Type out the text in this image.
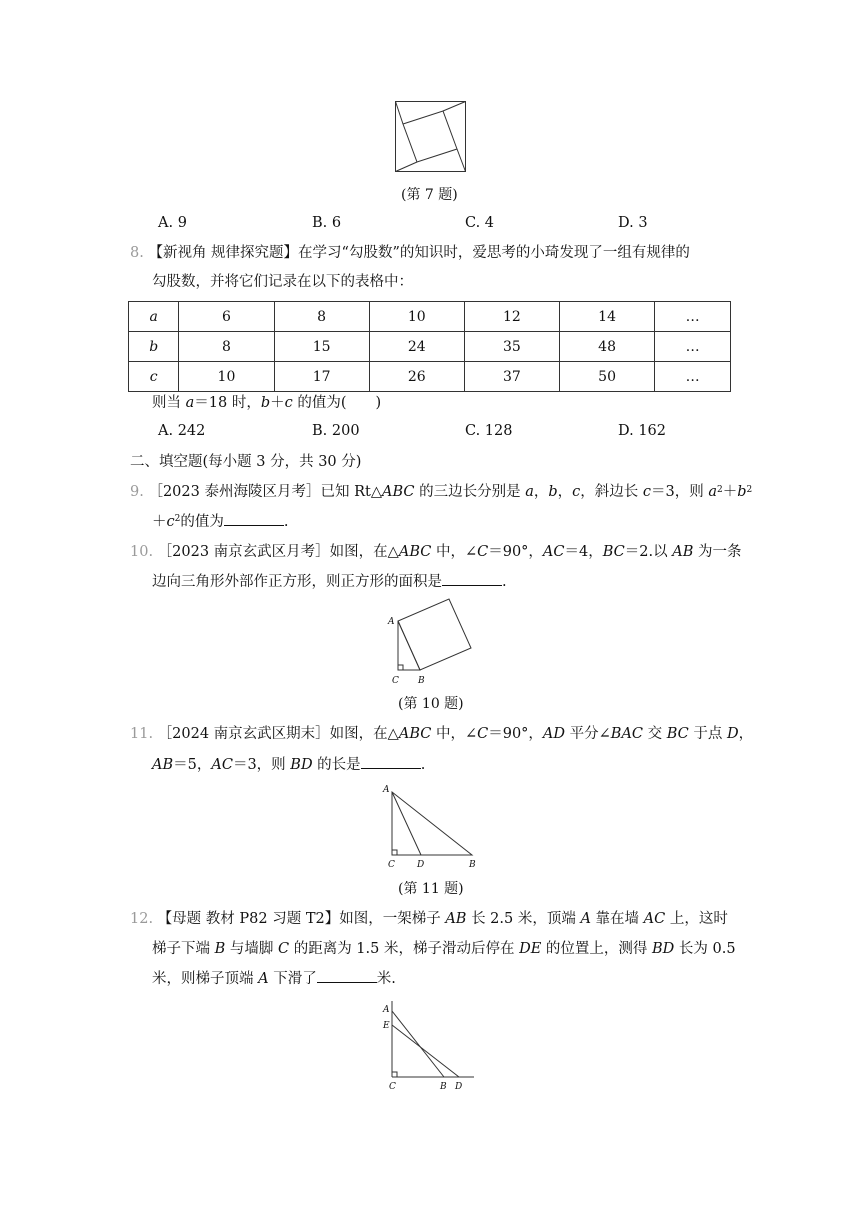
(第 7 题)
A. 9	B. 6	C. 4	D. 3
8. 【新视角 规律探究题】在学习“勾股数”的知识时，爱思考的小琦发现了一组有规律的
勾股数，并将它们记录在以下的表格中：
a	6	8	10	12	14	…
b	8	15	24	35	48	…
c	10	17	26	37	50	…
则当 a＝18 时，b＋c 的值为(　　)
A. 242	B. 200	C. 128	D. 162
二、填空题(每小题 3 分，共 30 分)
9. ［2023 泰州海陵区月考］已知 Rt△ABC 的三边长分别是 a，b，c，斜边长 c＝3，则 $a^2+b^2$
$+c^2$的值为	.
10. ［2023 南京玄武区月考］如图，在△ABC 中，∠C＝90°，AC＝4，BC＝2.以 AB 为一条
边向三角形外部作正方形，则正方形的面积是	.
A
C B
(第 10 题)
11. ［2024 南京玄武区期末］如图，在△ABC 中，∠C＝90°，AD 平分∠BAC 交 BC 于点 D，
AB＝5，AC＝3，则 BD 的长是	.
A
C D	B
(第 11 题)
12. 【母题 教材 P82 习题 T2】如图，一架梯子 AB 长 2.5 米，顶端 A 靠在墙 AC 上，这时
梯子下端 B 与墙脚 C 的距离为 1.5 米，梯子滑动后停在 DE 的位置上，测得 BD 长为 0.5
米，则梯子顶端 A 下滑了	米.
A
E
C	B D
